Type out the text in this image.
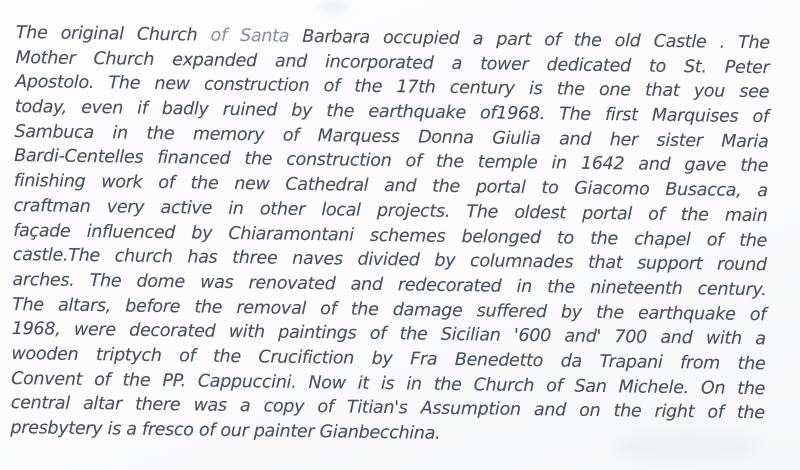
The original Church of Santa Barbara occupied a part of the old Castle . The
Mother Church expanded and incorporated a tower dedicated to St. Peter
Apostolo. The new construction of the 17th century is the one that you see
today, even if badly ruined by the earthquake of1968. The first Marquises of
Sambuca in the memory of Marquess Donna Giulia and her sister Maria
Bardi-Centelles financed the construction of the temple in 1642 and gave the
finishing work of the new Cathedral and the portal to Giacomo Busacca, a
craftman very active in other local projects. The oldest portal of the main
façade influenced by Chiaramontani schemes belonged to the chapel of the
castle.The church has three naves divided by columnades that support round
arches. The dome was renovated and redecorated in the nineteenth century.
The altars, before the removal of the damage suffered by the earthquake of
1968, were decorated with paintings of the Sicilian '600 and' 700 and with a
wooden triptych of the Crucifiction by Fra Benedetto da Trapani from the
Convent of the PP. Cappuccini. Now it is in the Church of San Michele. On the
central altar there was a copy of Titian's Assumption and on the right of the
presbytery is a fresco of our painter Gianbecchina.
